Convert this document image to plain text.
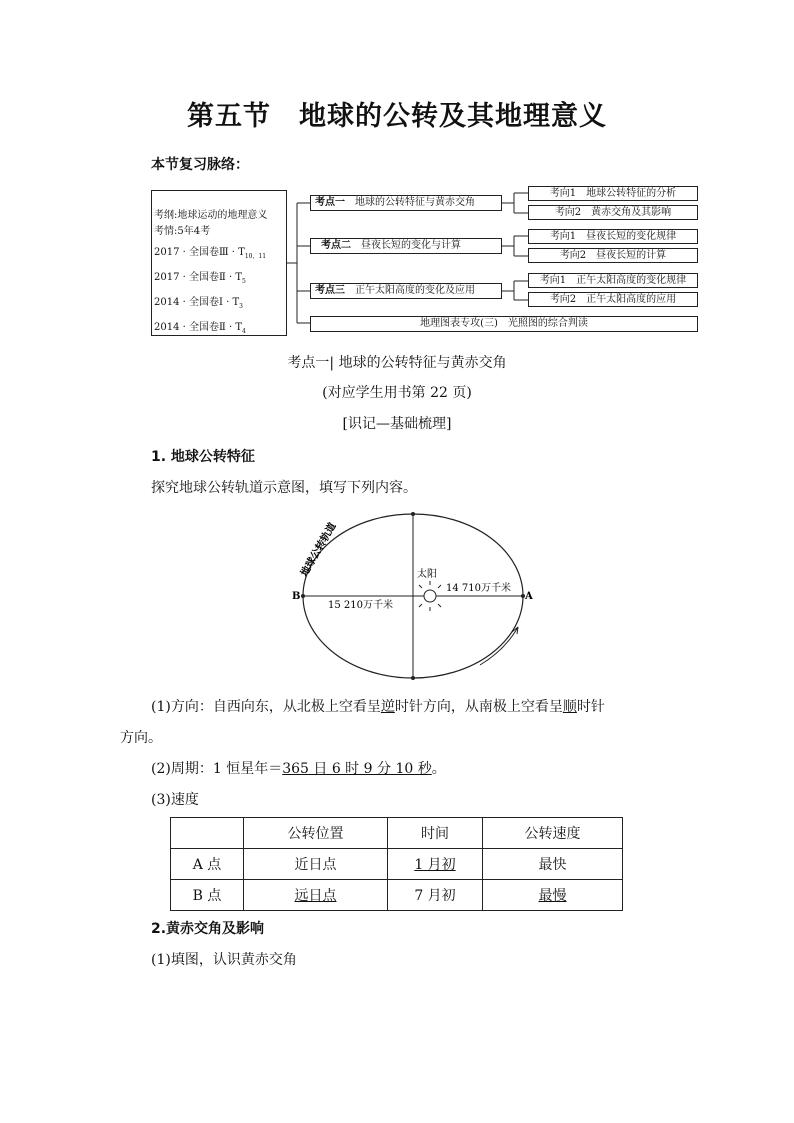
第五节　地球的公转及其地理意义
本节复习脉络：
考纲:地球运动的地理意义
考情:5年4考
2017 · 全国卷Ⅲ · $T_{10,11}$
2017 · 全国卷Ⅱ · $T_5$
2014 · 全国卷Ⅰ · $T_3$
2014 · 全国卷Ⅱ · $T_4$
考点一　 地球的公转特征与黄赤交角
考点二　 昼夜长短的变化与计算
考点三　 正午太阳高度的变化及应用
地理图表专攻(三)　光照图的综合判读
考向1　地球公转特征的分析
考向2　黄赤交角及其影响
考向1　昼夜长短的变化规律
考向2　昼夜长短的计算
考向1　正午太阳高度的变化规律
考向2　正午太阳高度的应用
考点一| 地球的公转特征与黄赤交角
(对应学生用书第 22 页)
[识记—基础梳理]
1. 地球公转特征
探究地球公转轨道示意图，填写下列内容。
地球公转轨道	太阳
15 210万千米
14 710万千米
B	A
(1)方向：自西向东，从北极上空看呈逆时针方向，从南极上空看呈顺时针
方向。
(2)周期：1 恒星年＝365 日 6 时 9 分 10 秒。
(3)速度
	公转位置	时间	公转速度
A 点	近日点	1 月初	最快
B 点	远日点	7 月初	最慢
2.黄赤交角及影响
(1)填图，认识黄赤交角
